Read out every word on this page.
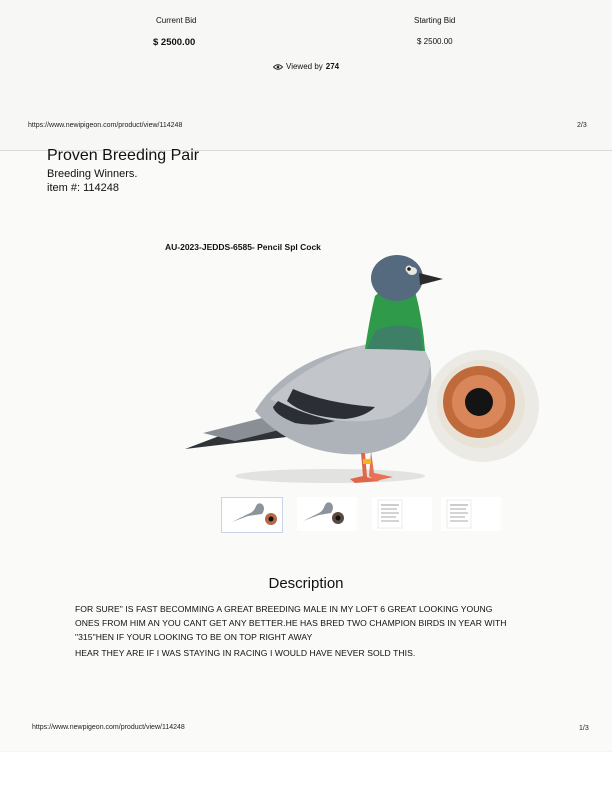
Current Bid
$ 2500.00
Starting Bid
$ 2500.00
Viewed by 274
https://www.newipigeon.com/product/view/114248	2/3
Proven Breeding Pair
Breeding Winners.
item #: 114248
AU-2023-JEDDS-6585- Pencil Spl Cock
Description
FOR SURE" IS FAST BECOMMING A GREAT BREEDING MALE IN MY LOFT 6 GREAT LOOKING YOUNG
ONES FROM HIM AN YOU CANT GET ANY BETTER.HE HAS BRED TWO CHAMPION BIRDS IN YEAR WITH
"315"HEN IF YOUR LOOKING TO BE ON TOP RIGHT AWAY
HEAR THEY ARE IF I WAS STAYING IN RACING I WOULD HAVE NEVER SOLD THIS.
https://www.newpigeon.com/product/view/114248	1/3
